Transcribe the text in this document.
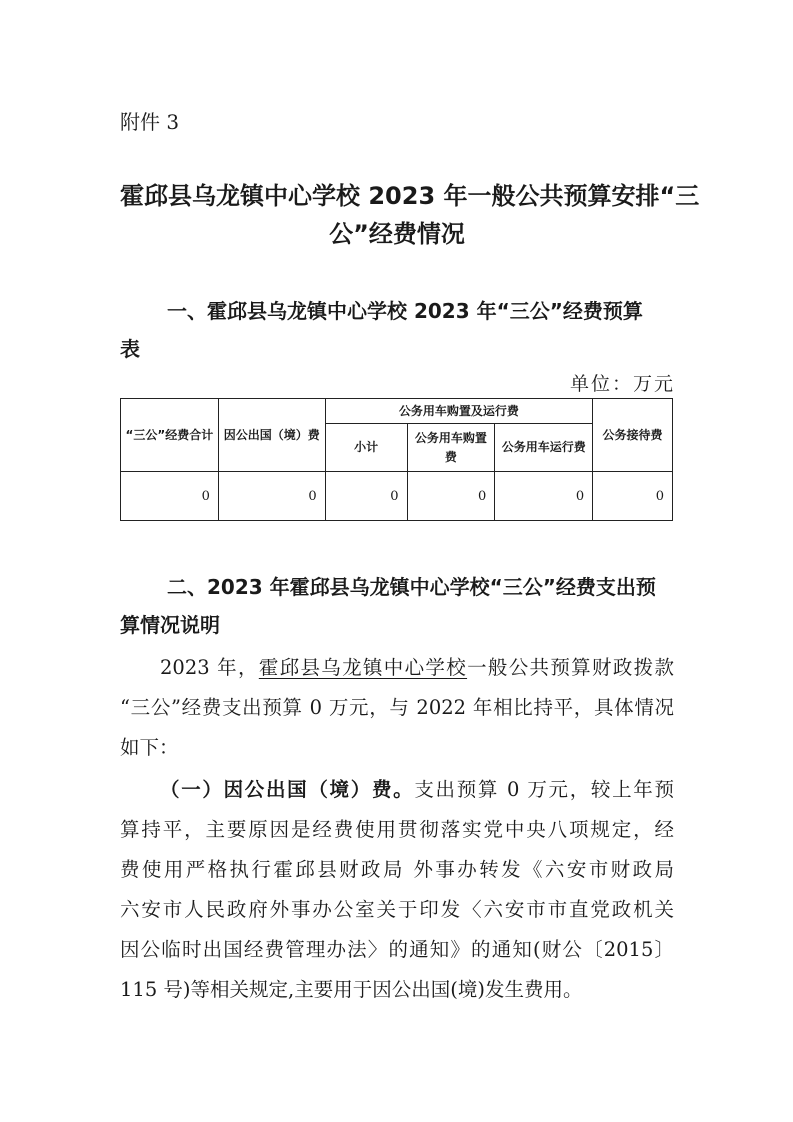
附件 3
霍邱县乌龙镇中心学校 2023 年一般公共预算安排“三
公”经费情况
一、霍邱县乌龙镇中心学校 2023 年“三公”经费预算
表
单位：万元
“三公”经费合计	因公出国（境）费	公务用车购置及运行费			公务接待费
		小计	公务用车购置费	公务用车运行费	
0	0	0	0	0	0
二、2023 年霍邱县乌龙镇中心学校“三公”经费支出预
算情况说明
2023 年，霍邱县乌龙镇中心学校一般公共预算财政拨款
“三公”经费支出预算 0 万元，与 2022 年相比持平，具体情况
如下：
（一）因公出国（境）费。支出预算 0 万元，较上年预
算持平，主要原因是经费使用贯彻落实党中央八项规定，经
费使用严格执行霍邱县财政局 外事办转发《六安市财政局
六安市人民政府外事办公室关于印发〈六安市市直党政机关
因公临时出国经费管理办法〉的通知》的通知(财公〔2015〕
115 号)等相关规定,主要用于因公出国(境)发生费用。
